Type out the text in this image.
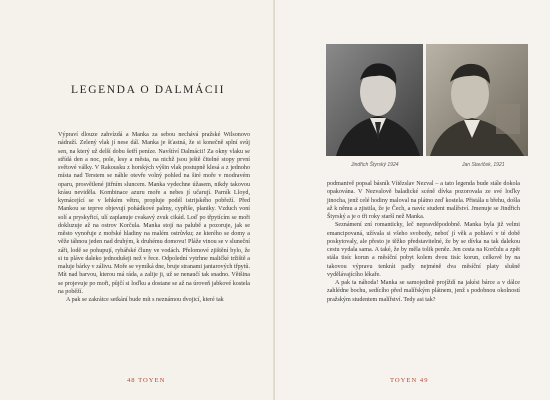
LEGENDA O DALMÁCII

Výpraví dlouze zahvízdá a Manka za sebou nechává pražské Wilsonovo nádraží. Zelený vlak jí nese dál. Manka je šťastná, že si konečně splní svůj sen, na který už delší dobu šetří peníze. Navštíví Dalmácii! Za okny vlaku se střídá den a noc, pole, lesy a města, na nichž jsou ještě čitelné stopy první světové války. V Rakousku z horských výšin vlak postupně klesá a z jednoho místa nad Terstem se náhle otevře volný pohled na širé moře v modravém oparu, prosvětlené jitřním sluncem. Manka vydechne úžasem, nikdy takovou krásu neviděla. Kombinace azuru moře a nebes jí učarují. Parník Lloyd, kymácející se v lehkém větru, propluje podél istrijského pobřeží. Před Mankou se teprve objevují pohádkové palmy, cypřiše, planiky. Vzduch voní solí a pryskyřicí, ulí zaplanuje cvakavý zvuk cikád. Loď po třpytícím se moři dokluzuje až na ostrov Korčula. Manka stojí na palubě a pozoruje, jak se město vynořuje z mořské hladiny na malém ostrůvku; ze kterého se domy a věže táhnou jeden nad druhým, k druhému domovu! Pláže vinou se v sluneční záři, lodě se pohupují, rybářské čluny ve vodách. Přelomové zjištění bylo, že si tu pláve daleko jednodušeji než v řece. Odpolední vytrhne maličké tržiště a maluje bárky v zálivu. Moře se vymíká dne, bruje stranami jantarových třpytů. Mít nad barvou, kterou má ráda, a zalije ji, už se nenaučí tak snadno. Většina se projevuje po moři, půjčí si loďku a dostane se až na úroveň jabkové kostela na poběží.

A pak se zakrátce setkání bude mít s neznámou dvojicí, které tak

48 TOYEN
Jindřich Štyrský 1924	Jan Stavíček, 1921

podmanivě popsal básník Vítězslav Nezval – a tato legenda bude stále dokola opakována. V Nezvalově baladické scéně dívka pozorovala ze své loďky jinocha, jenž celé hodiny maloval na plátno zeď kostela. Přistála u břehu, došla až k němu a zjistila, že je Čech, a navíc student malířství. Jmenuje se Jindřich Štyrský a je o tři roky starší než Manka.

Seznámení zní romanticky, leč nepravděpodobně. Manka byla již velmi emancipovaná, užívala si všeho svobody, neboť jí věk a pohlaví v té době poskytovaly, ale přesto je těžko představitelné, že by se dívka na tak dalekou cestu vydala sama. A také, že by měla tolik peněz. Jen cesta na Korčulu a zpět stála tisíc korun a měsíční pobyt kolem dvou tisíc korun, celkově by na takovou výpravu tenkrát padly nejméně dva měsíční platy slušně vydělávajícího lékaře.

A pak ta náhoda! Manka se samojedině projíždí na jakési bárce a v dálce zahlédne bochu, sedícího před malířským plátnem, jenž s podobnou okolností pražským studentem malířství. Tedy asi tak?

TOYEN 49
